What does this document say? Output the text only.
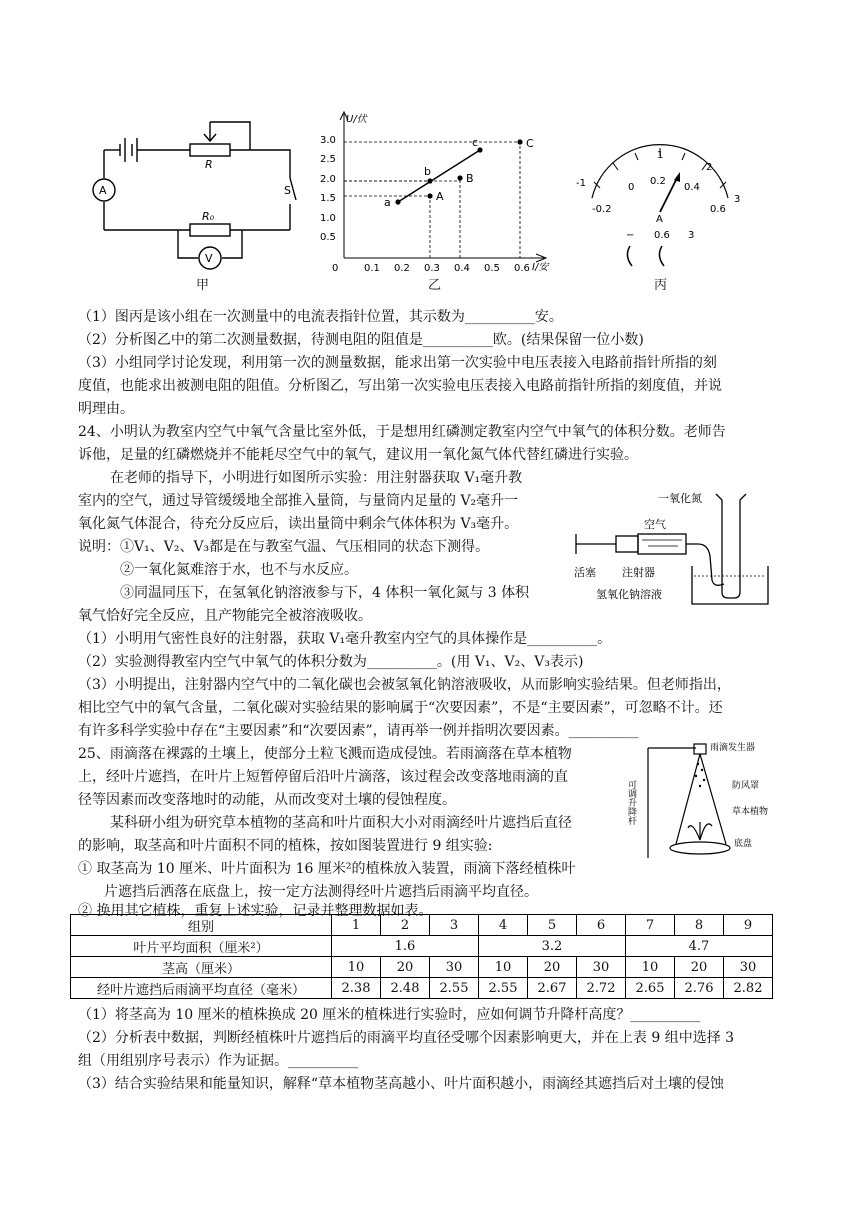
R
S
R₀
A
V
甲
U/伏
I/安
3.0
2.5
2.0
1.5
1.0
0.5
0	0.1 0.2 0.3 0.4 0.5 0.6
a
b
c	C
B
A
乙
-1
-0.2
1
2
3
0
0.2
0.4
0.6
A
− 0.6 3
丙
（1）图丙是该小组在一次测量中的电流表指针位置，其示数为__________安。
（2）分析图乙中的第二次测量数据，待测电阻的阻值是__________欧。(结果保留一位小数)
（3）小组同学讨论发现，利用第一次的测量数据，能求出第一次实验中电压表接入电路前指针所指的刻
度值，也能求出被测电阻的阻值。分析图乙，写出第一次实验电压表接入电路前指针所指的刻度值，并说
明理由。
24、小明认为教室内空气中氧气含量比室外低，于是想用红磷测定教室内空气中氧气的体积分数。老师告
诉他，足量的红磷燃烧并不能耗尽空气中的氧气，建议用一氧化氮气体代替红磷进行实验。
在老师的指导下，小明进行如图所示实验：用注射器获取 V₁毫升教
室内的空气，通过导管缓缓地全部推入量筒，与量筒内足量的 V₂毫升一
氧化氮气体混合，待充分反应后，读出量筒中剩余气体体积为 V₃毫升。
说明：①V₁、V₂、V₃都是在与教室气温、气压相同的状态下测得。
②一氧化氮难溶于水，也不与水反应。
③同温同压下，在氢氧化钠溶液参与下，4 体积一氧化氮与 3 体积
氧气恰好完全反应，且产物能完全被溶液吸收。
一氧化氮
空气
活塞 注射器
氢氧化钠溶液
（1）小明用气密性良好的注射器，获取 V₁毫升教室内空气的具体操作是__________。
（2）实验测得教室内空气中氧气的体积分数为__________。(用 V₁、V₂、V₃表示)
（3）小明提出，注射器内空气中的二氧化碳也会被氢氧化钠溶液吸收，从而影响实验结果。但老师指出，
相比空气中的氧气含量，二氧化碳对实验结果的影响属于“次要因素”，不是“主要因素”，可忽略不计。还
有许多科学实验中存在“主要因素”和“次要因素”，请再举一例并指明次要因素。__________
25、雨滴落在裸露的土壤上，使部分土粒飞溅而造成侵蚀。若雨滴落在草本植物
上，经叶片遮挡，在叶片上短暂停留后沿叶片滴落，该过程会改变落地雨滴的直
径等因素而改变落地时的动能，从而改变对土壤的侵蚀程度。
某科研小组为研究草本植物的茎高和叶片面积大小对雨滴经叶片遮挡后直径
的影响，取茎高和叶片面积不同的植株，按如图装置进行 9 组实验:
① 取茎高为 10 厘米、叶片面积为 16 厘米²的植株放入装置，雨滴下落经植株叶
片遮挡后洒落在底盘上，按一定方法测得经叶片遮挡后雨滴平均直径。
② 换用其它植株，重复上述实验，记录并整理数据如表。
雨滴发生器
防风罩
草本植物
底盘
可调升降杆
组别	1	2	3	4	5	6	7	8	9
叶片平均面积（厘米²）	1.6			3.2			4.7		
茎高（厘米）	10	20	30	10	20	30	10	20	30
经叶片遮挡后雨滴平均直径（毫米）	2.38	2.48	2.55	2.55	2.67	2.72	2.65	2.76	2.82
（1）将茎高为 10 厘米的植株换成 20 厘米的植株进行实验时，应如何调节升降杆高度？__________
（2）分析表中数据，判断经植株叶片遮挡后的雨滴平均直径受哪个因素影响更大，并在上表 9 组中选择 3
组（用组别序号表示）作为证据。__________
（3）结合实验结果和能量知识，解释“草本植物茎高越小、叶片面积越小，雨滴经其遮挡后对土壤的侵蚀
